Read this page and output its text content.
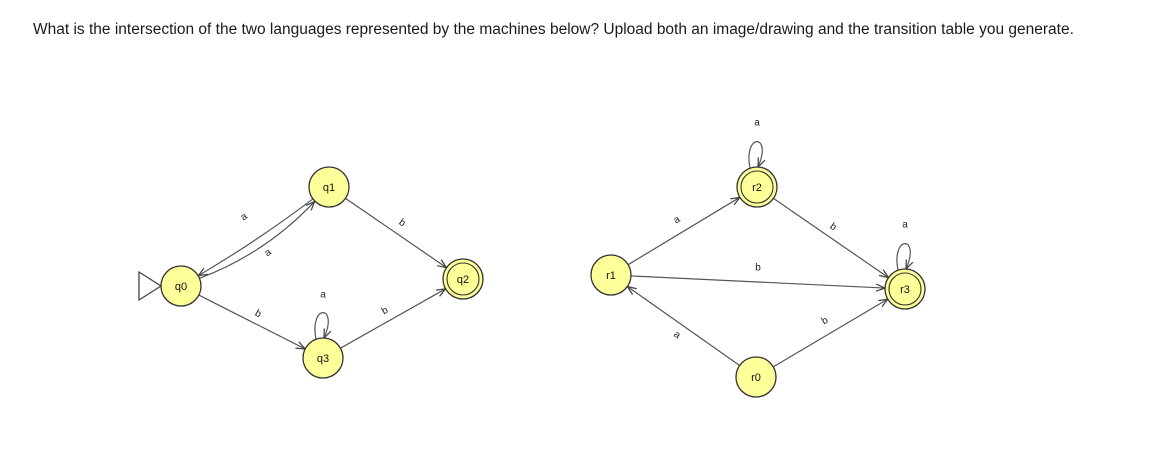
What is the intersection of the two languages represented by the machines below? Upload both an image/drawing and the transition table you generate.
a
a
b
b
a
b
q0
q1
q2
q3
a
a
b
b
a
b
a
r0
r1
r2
r3
